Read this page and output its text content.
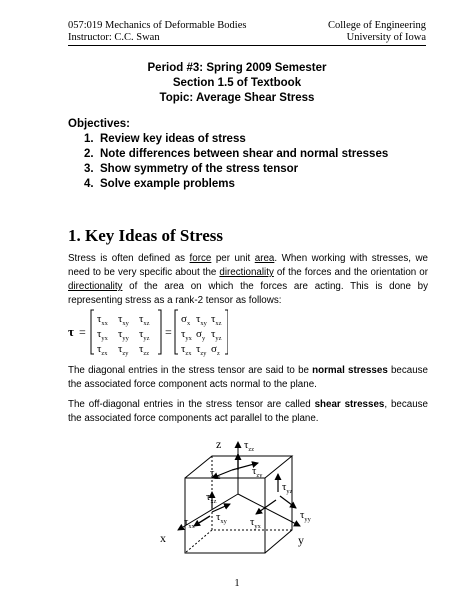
057:019 Mechanics of Deformable Bodies
Instructor: C.C. Swan
College of Engineering
University of Iowa
Period #3: Spring 2009 Semester
Section 1.5 of Textbook
Topic: Average Shear Stress
Objectives:
1. Review key ideas of stress
2. Note differences between shear and normal stresses
3. Show symmetry of the stress tensor
4. Solve example problems
1. Key Ideas of Stress
Stress is often defined as force per unit area. When working with stresses, we need to be very specific about the directionality of the forces and the orientation or directionality of the area on which the forces are acting. This is done by representing stress as a rank-2 tensor as follows:
τ =
$\tau_{xx}$ $\tau_{xy}$ $\tau_{xz}$
$\tau_{yx}$ $\tau_{yy}$ $\tau_{yz}$
$\tau_{zx}$ $\tau_{zy}$ $\tau_{zz}$
=
$\sigma_x$ $\tau_{xy}$ $\tau_{xz}$
$\tau_{yx}$ $\sigma_y$ $\tau_{yz}$
$\tau_{zx}$ $\tau_{zy}$ $\sigma_z$
The diagonal entries in the stress tensor are said to be normal stresses because the associated force component acts normal to the plane.
The off-diagonal entries in the stress tensor are called shear stresses, because the associated force components act parallel to the plane.
z
x	y
$\tau_{zz}$
$\tau_{zy}$
$\tau_{zx}$
$\tau_{yz}$
$\tau_{xz}$
$\tau_{xy}$ $\tau_{yx}$
$\tau_{xx}$
$\tau_{yy}$
1
